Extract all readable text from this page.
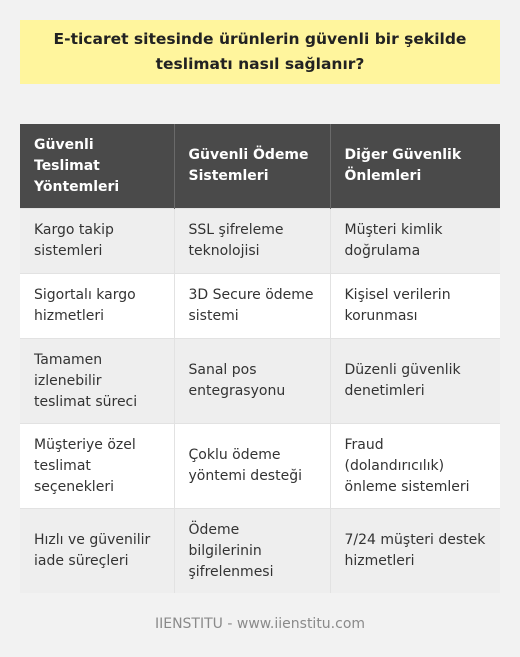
E-ticaret sitesinde ürünlerin güvenli bir şekilde teslimatı nasıl sağlanır?
Güvenli Teslimat Yöntemleri	Güvenli Ödeme Sistemleri	Diğer Güvenlik Önlemleri
Kargo takip sistemleri	SSL şifreleme teknolojisi	Müşteri kimlik doğrulama
Sigortalı kargo hizmetleri	3D Secure ödeme sistemi	Kişisel verilerin korunması
Tamamen izlenebilir teslimat süreci	Sanal pos entegrasyonu	Düzenli güvenlik denetimleri
Müşteriye özel teslimat seçenekleri	Çoklu ödeme yöntemi desteği	Fraud (dolandırıcılık) önleme sistemleri
Hızlı ve güvenilir iade süreçleri	Ödeme bilgilerinin şifrelenmesi	7/24 müşteri destek hizmetleri
IIENSTITU - www.iienstitu.com
